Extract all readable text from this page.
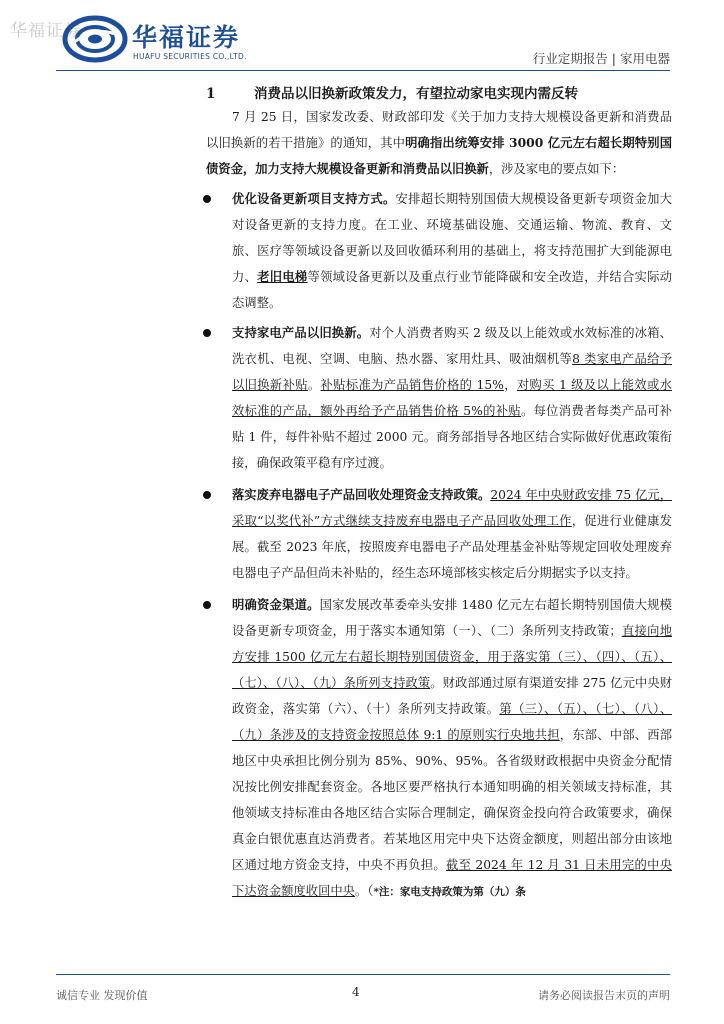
华福证券 华福证券
HUAFU SECURITIES CO.,LTD.	行业定期报告 | 家用电器
1	消费品以旧换新政策发力，有望拉动家电实现内需反转
7 月 25 日，国家发改委、财政部印发《关于加力支持大规模设备更新和消费品以旧换新的若干措施》的通知，其中明确指出统筹安排 3000 亿元左右超长期特别国债资金，加力支持大规模设备更新和消费品以旧换新，涉及家电的要点如下：
优化设备更新项目支持方式。安排超长期特别国债大规模设备更新专项资金加大对设备更新的支持力度。在工业、环境基础设施、交通运输、物流、教育、文旅、医疗等领域设备更新以及回收循环利用的基础上，将支持范围扩大到能源电力、老旧电梯等领域设备更新以及重点行业节能降碳和安全改造，并结合实际动态调整。
支持家电产品以旧换新。对个人消费者购买 2 级及以上能效或水效标准的冰箱、洗衣机、电视、空调、电脑、热水器、家用灶具、吸油烟机等8 类家电产品给予以旧换新补贴。补贴标准为产品销售价格的 15%，对购买 1 级及以上能效或水效标准的产品，额外再给予产品销售价格 5%的补贴。每位消费者每类产品可补贴 1 件，每件补贴不超过 2000 元。商务部指导各地区结合实际做好优惠政策衔接，确保政策平稳有序过渡。
落实废弃电器电子产品回收处理资金支持政策。2024 年中央财政安排 75 亿元，采取“以奖代补”方式继续支持废弃电器电子产品回收处理工作，促进行业健康发展。截至 2023 年底，按照废弃电器电子产品处理基金补贴等规定回收处理废弃电器电子产品但尚未补贴的，经生态环境部核实核定后分期据实予以支持。
明确资金渠道。国家发展改革委牵头安排 1480 亿元左右超长期特别国债大规模设备更新专项资金，用于落实本通知第（一）、（二）条所列支持政策；直接向地方安排 1500 亿元左右超长期特别国债资金，用于落实第（三）、（四）、（五）、（七）、（八）、（九）条所列支持政策。财政部通过原有渠道安排 275 亿元中央财政资金，落实第（六）、（十）条所列支持政策。第（三）、（五）、（七）、（八）、（九）条涉及的支持资金按照总体 9:1 的原则实行央地共担，东部、中部、西部地区中央承担比例分别为 85%、90%、95%。各省级财政根据中央资金分配情况按比例安排配套资金。各地区要严格执行本通知明确的相关领域支持标准，其他领域支持标准由各地区结合实际合理制定，确保资金投向符合政策要求，确保真金白银优惠直达消费者。若某地区用完中央下达资金额度，则超出部分由该地区通过地方资金支持，中央不再负担。截至 2024 年 12 月 31 日未用完的中央下达资金额度收回中央。（*注：家电支持政策为第（九）条
诚信专业 发现价值	4	请务必阅读报告末页的声明
